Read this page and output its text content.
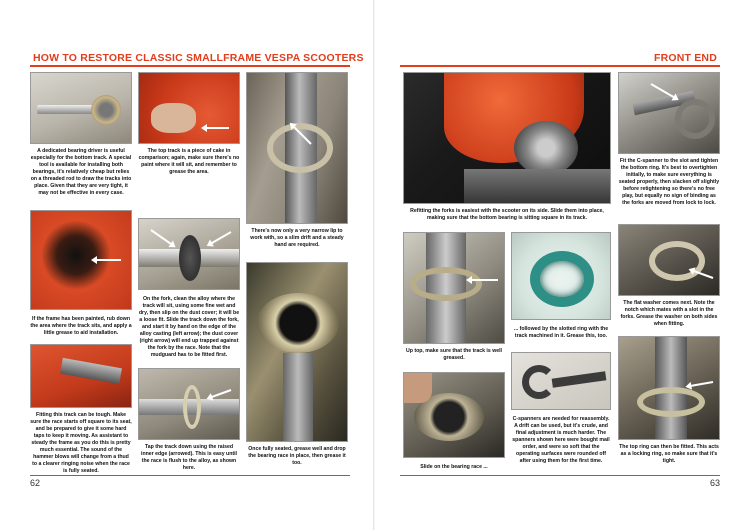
HOW TO RESTORE CLASSIC SMALLFRAME VESPA SCOOTERS
A dedicated bearing driver is useful especially for the bottom track. A special tool is available for installing both bearings, it's relatively cheap but relies on a threaded rod to draw the tracks into place. Given that they are very tight, it may not be effective in every case.
The top track is a piece of cake in comparison; again, make sure there's no paint where it will sit, and remember to grease the area.
There's now only a very narrow lip to work with, so a slim drift and a steady hand are required.
If the frame has been painted, rub down the area where the track sits, and apply a little grease to aid installation.
On the fork, clean the alloy where the track will sit, using some fine wet and dry, then slip on the dust cover; it will be a loose fit. Slide the track down the fork, and start it by hand on the edge of the alloy casting (left arrow); the dust cover (right arrow) will end up trapped against the fork by the race. Note that the mudguard has to be fitted first.
Once fully seated, grease well and drop the bearing race in place, then grease it too.
Fitting this track can be tough. Make sure the race starts off square to its seat, and be prepared to give it some hard taps to keep it moving. As assistant to steady the frame as you do this is pretty much essential. The sound of the hammer blows will change from a thud to a clearer ringing noise when the race is fully seated.
Tap the track down using the raised inner edge (arrowed). This is easy until the race is flush to the alloy, as shown here.
62
FRONT END
Refitting the forks is easiest with the scooter on its side. Slide them into place, making sure that the bottom bearing is sitting square in its track.
Fit the C-spanner to the slot and tighten the bottom ring. It's best to overtighten initially, to make sure everything is seated properly, then slacken off slightly before retightening so there's no free play, but equally no sign of binding as the forks are moved from lock to lock.
Up top, make sure that the track is well greased.
... followed by the slotted ring with the track machined in it. Grease this, too.
The flat washer comes next. Note the notch which mates with a slot in the forks. Grease the washer on both sides when fitting.
Slide on the bearing race ...
C-spanners are needed for reassembly. A drift can be used, but it's crude, and final adjustment is much harder. The spanners shown here were bought mail order, and were so soft that the operating surfaces were rounded off after using them for the first time.
The top ring can then be fitted. This acts as a locking ring, so make sure that it's tight.
63
